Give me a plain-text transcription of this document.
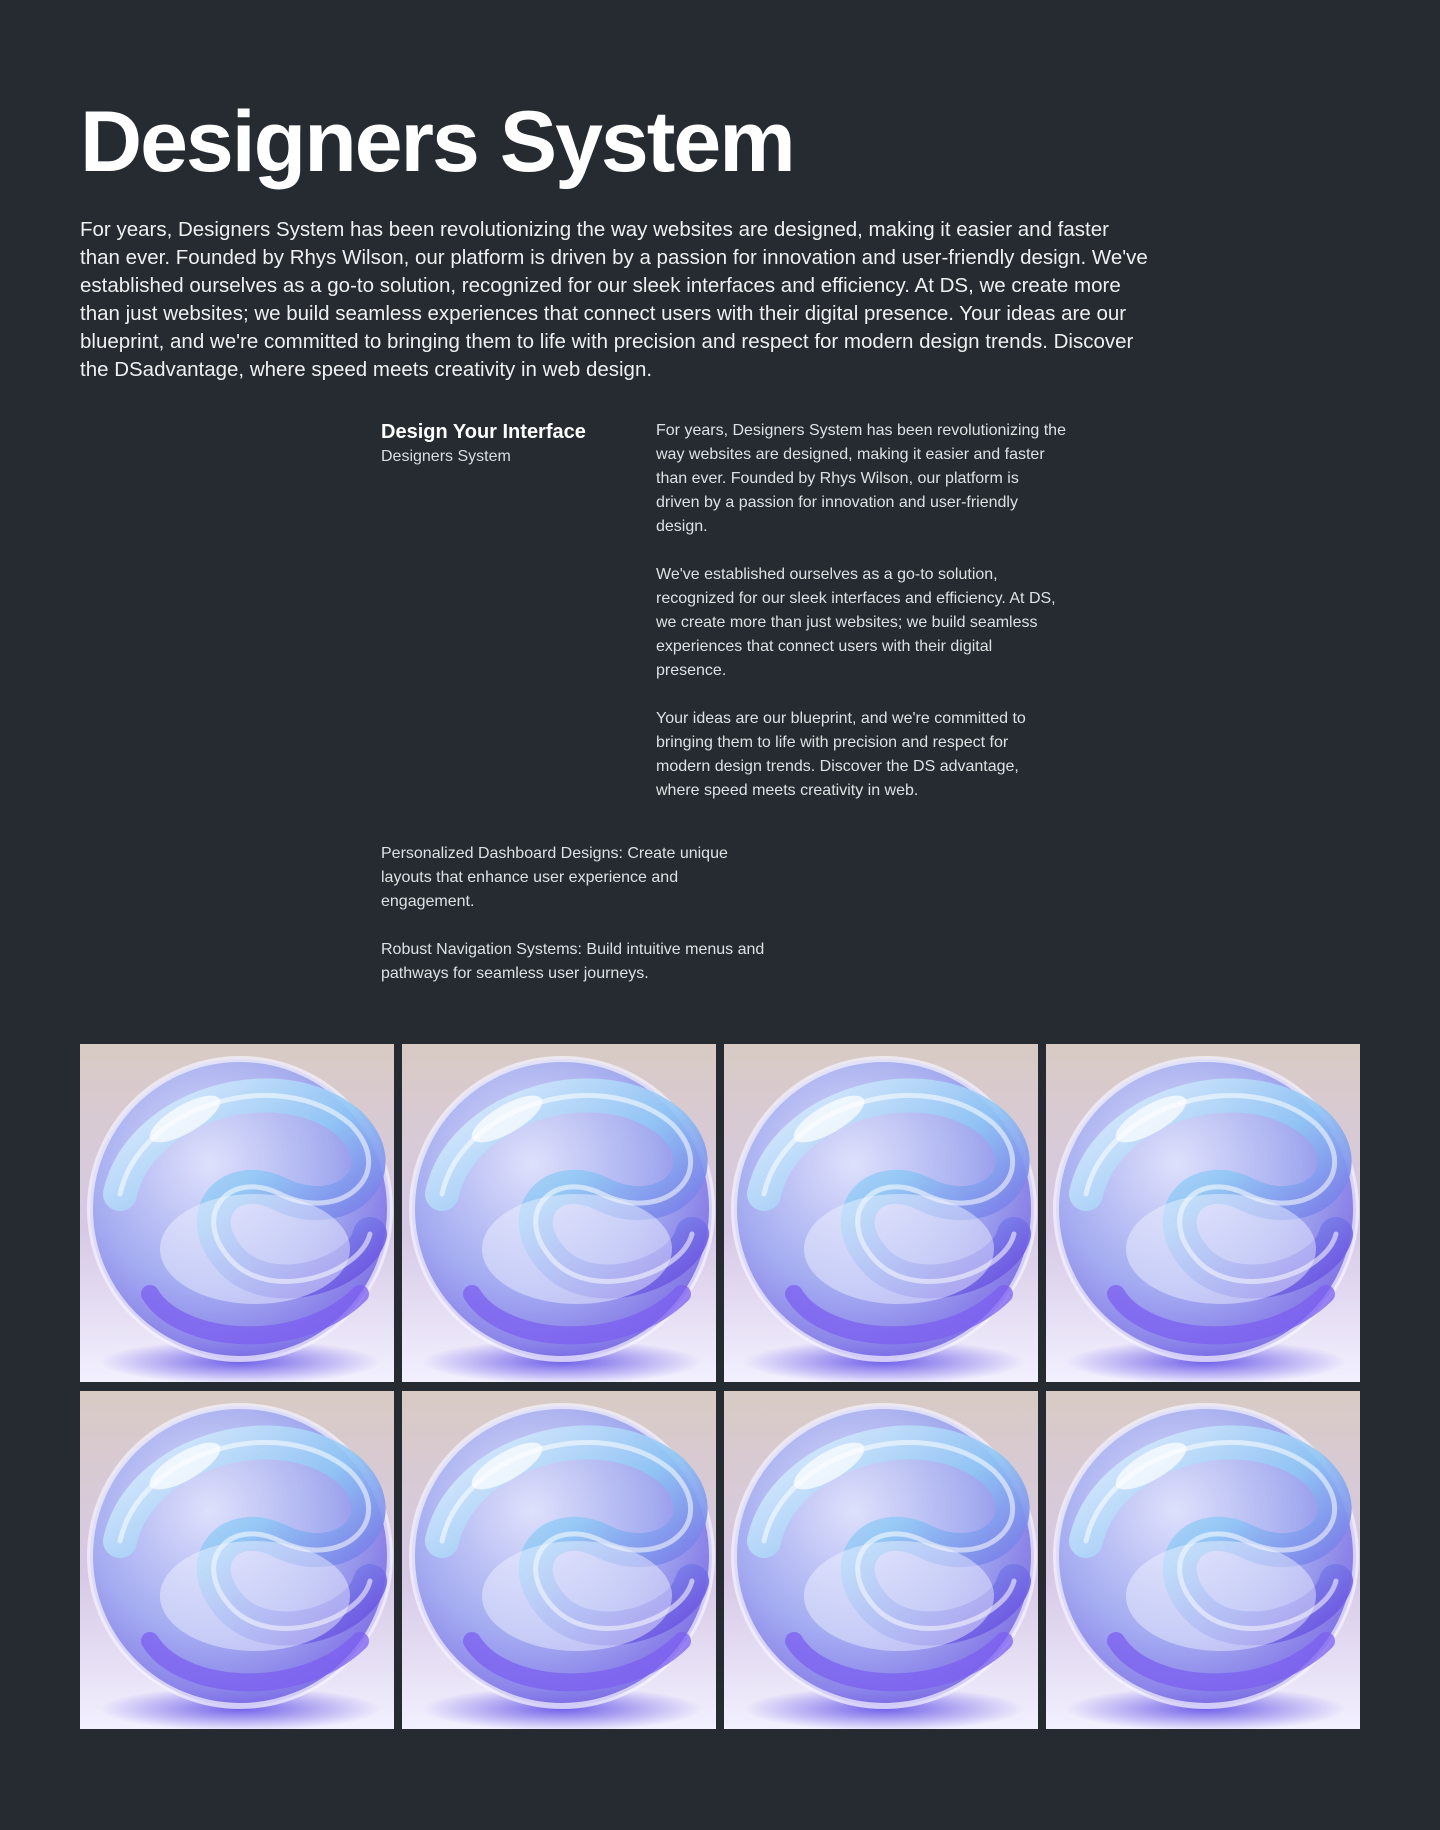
Designers System

For years, Designers System has been revolutionizing the way websites are designed, making it easier and faster than ever. Founded by Rhys Wilson, our platform is driven by a passion for innovation and user-friendly design. We've established ourselves as a go-to solution, recognized for our sleek interfaces and efficiency. At DS, we create more than just websites; we build seamless experiences that connect users with their digital presence. Your ideas are our blueprint, and we're committed to bringing them to life with precision and respect for modern design trends. Discover the DSadvantage, where speed meets creativity in web design.

Design Your Interface
Designers System

For years, Designers System has been revolutionizing the way websites are designed, making it easier and faster than ever. Founded by Rhys Wilson, our platform is driven by a passion for innovation and user-friendly design.

We've established ourselves as a go-to solution, recognized for our sleek interfaces and efficiency. At DS, we create more than just websites; we build seamless experiences that connect users with their digital presence.

Your ideas are our blueprint, and we're committed to bringing them to life with precision and respect for modern design trends. Discover the DS advantage, where speed meets creativity in web.

Personalized Dashboard Designs: Create unique layouts that enhance user experience and engagement.

Robust Navigation Systems: Build intuitive menus and pathways for seamless user journeys.
